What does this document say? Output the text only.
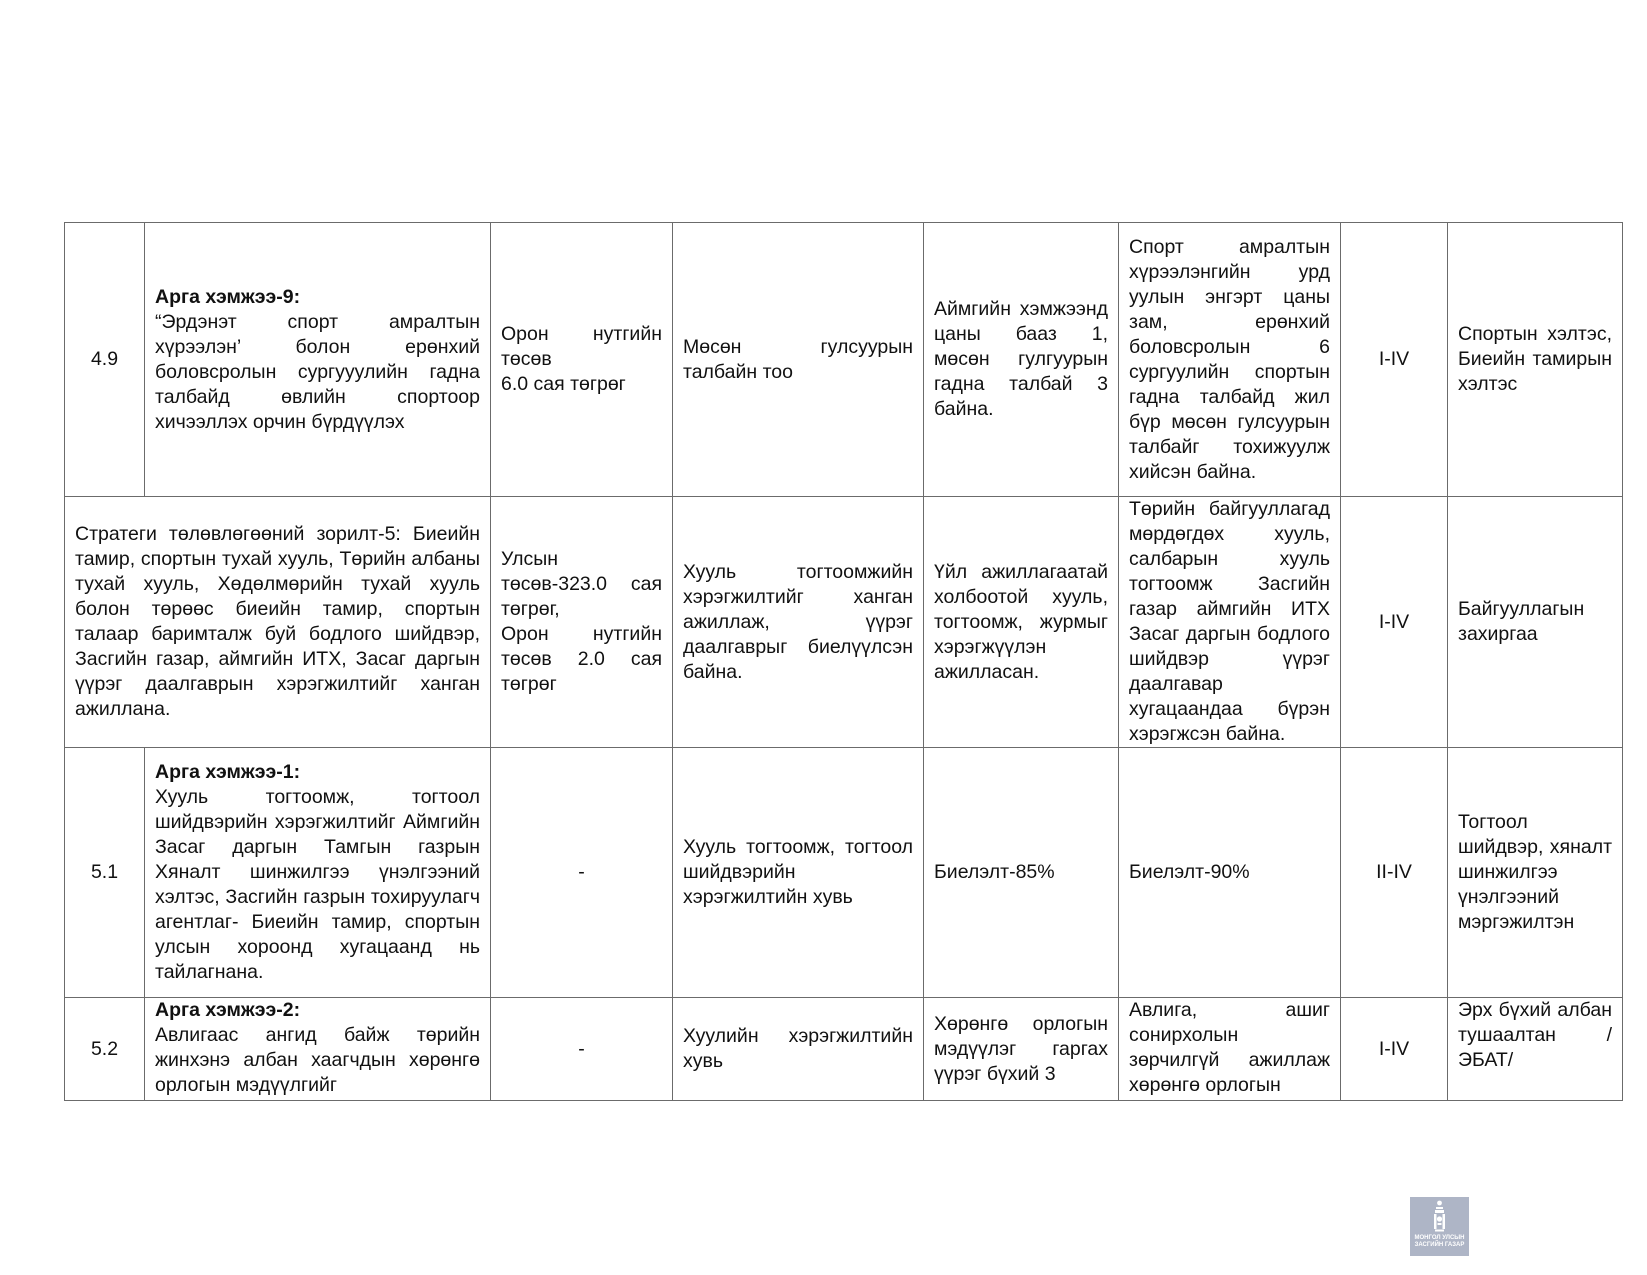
4.9	Арга хэмжээ-9:
“Эрдэнэт спорт амралтын хүрээлэн’ болон ерөнхий боловсролын сургууулийн гадна талбайд өвлийн спортоор хичээллэх орчин бүрдүүлэх	Орон нутгийн төсөв
6.0 сая төгрөг	Мөсөн гулсуурын талбайн тоо	Аймгийн хэмжээнд цаны бааз 1, мөсөн гулгуурын гадна талбай 3 байна.	Спорт амралтын хүрээлэнгийн урд уулын энгэрт цаны зам, ерөнхий боловсролын 6 сургуулийн спортын гадна талбайд жил бүр мөсөн гулсуурын талбайг тохижуулж хийсэн байна.	I-IV	Спортын хэлтэс, Биеийн тамирын хэлтэс
Стратеги төлөвлөгөөний зорилт-5: Биеийн тамир, спортын тухай хууль, Төрийн албаны тухай хууль, Хөдөлмөрийн тухай хууль болон төрөөс биеийн тамир, спортын талаар баримталж буй бодлого шийдвэр, Засгийн газар, аймгийн ИТХ, Засаг даргын үүрэг даалгаврын хэрэгжилтийг ханган ажиллана.		Улсын төсөв-323.0 сая төгрөг,
Орон нутгийн төсөв 2.0 сая төгрөг	Хууль тогтоомжийн хэрэгжилтийг ханган ажиллаж, үүрэг даалгаврыг биелүүлсэн байна.	Үйл ажиллагаатай холбоотой хууль, тогтоомж, журмыг хэрэгжүүлэн ажилласан.	Төрийн байгууллагад мөрдөгдөх хууль, салбарын хууль тогтоомж Засгийн газар аймгийн ИТХ Засаг даргын бодлого шийдвэр үүрэг даалгавар хугацаандаа бүрэн хэрэгжсэн байна.	I-IV	Байгууллагын захиргаа
5.1	Арга хэмжээ-1:
Хууль тогтоомж, тогтоол шийдвэрийн хэрэгжилтийг Аймгийн Засаг даргын Тамгын газрын Хяналт шинжилгээ үнэлгээний хэлтэс, Засгийн газрын тохируулагч агентлаг- Биеийн тамир, спортын улсын хороонд хугацаанд нь тайлагнана.	-	Хууль тогтоомж, тогтоол шийдвэрийн хэрэгжилтийн хувь	Биелэлт-85%	Биелэлт-90%	II-IV	Тогтоол шийдвэр, хяналт шинжилгээ үнэлгээний мэргэжилтэн
5.2	Арга хэмжээ-2:
Авлигаас ангид байж төрийн жинхэнэ албан хаагчдын хөрөнгө орлогын мэдүүлгийг	-	Хуулийн хэрэгжилтийн хувь	Хөрөнгө орлогын мэдүүлэг гаргах үүрэг бүхий 3	Авлига, ашиг сонирхолын зөрчилгүй ажиллаж хөрөнгө орлогын	I-IV	Эрх бүхий албан тушаалтан /ЭБАТ/
МОНГОЛ УЛСЫН ЗАСГИЙН ГАЗАР
